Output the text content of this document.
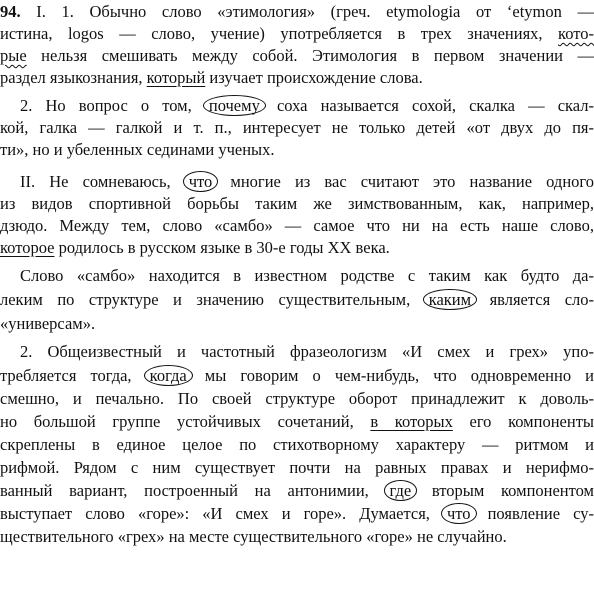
94. I. 1. Обычно слово «этимология» (греч. etymologia от ‘etymon —
истина, logos — слово, учение) употребляется в трех значениях, кото-
рые нельзя смешивать между собой. Этимология в первом значении —
раздел языкознания, который изучает происхождение слова.
2. Но вопрос о том, почему соха называется сохой, скалка — скал-
кой, галка — галкой и т. п., интересует не только детей «от двух до пя-
ти», но и убеленных сединами ученых.
II. Не сомневаюсь, что многие из вас считают это название одного
из видов спортивной борьбы таким же зимствованным, как, например,
дзюдо. Между тем, слово «самбо» — самое что ни на есть наше слово,
которое родилось в русском языке в 30-е годы XX века.
Слово «самбо» находится в известном родстве с таким как будто да-
леким по структуре и значению существительным, каким является сло-
«универсам».
2. Общеизвестный и частотный фразеологизм «И смех и грех» упо-
требляется тогда, когда мы говорим о чем-нибудь, что одновременно и
смешно, и печально. По своей структуре оборот принадлежит к доволь-
но большой группе устойчивых сочетаний, в которых его компоненты
скреплены в единое целое по стихотворному характеру — ритмом и
рифмой. Рядом с ним существует почти на равных правах и нерифмо-
ванный вариант, построенный на антонимии, где вторым компонентом
выступает слово «горе»: «И смех и горе». Думается, что появление су-
ществительного «грех» на месте существительного «горе» не случайно.
